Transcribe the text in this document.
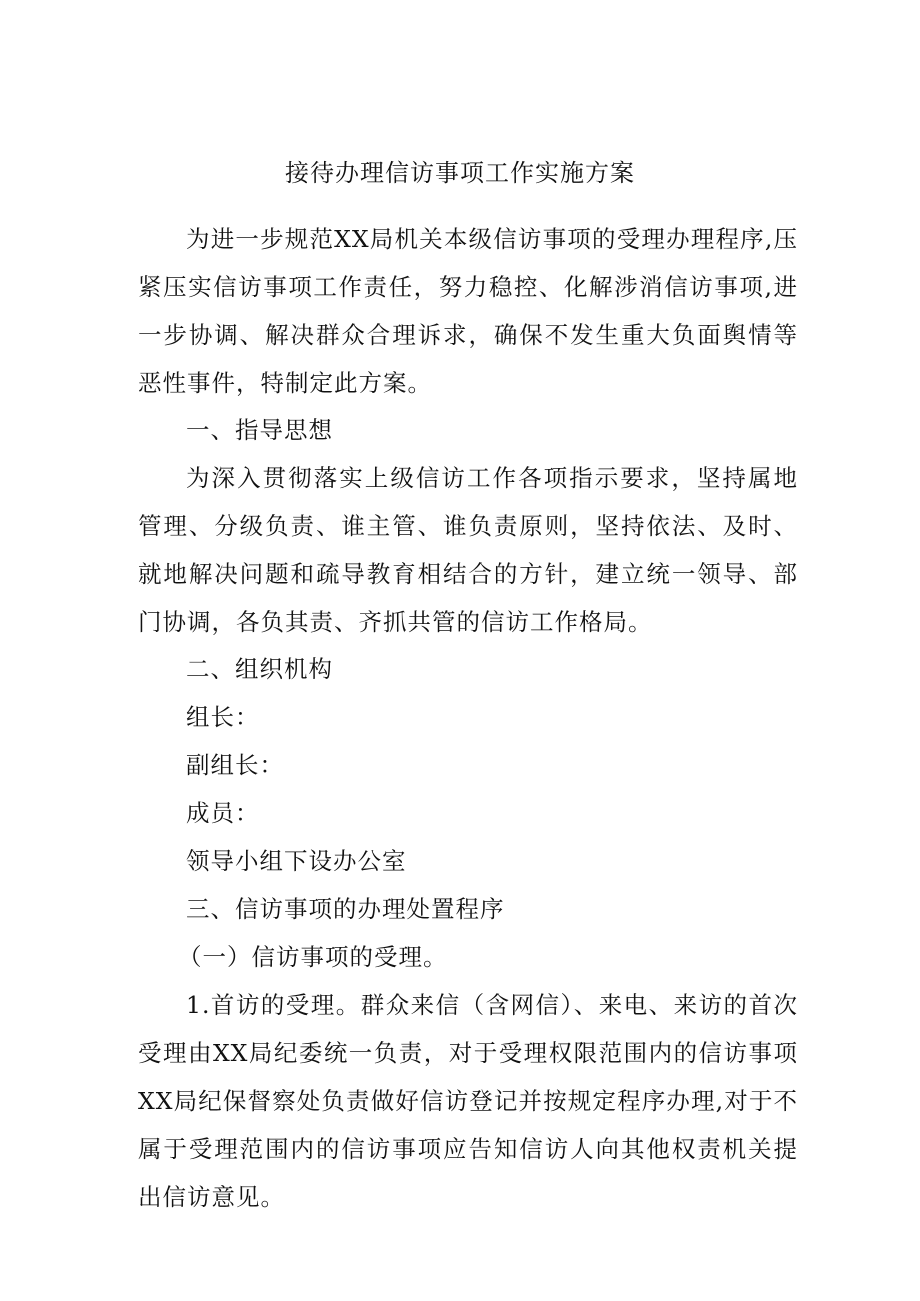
接待办理信访事项工作实施方案

为进一步规范XX局机关本级信访事项的受理办理程序,压紧压实信访事项工作责任，努力稳控、化解涉消信访事项,进一步协调、解决群众合理诉求，确保不发生重大负面舆情等恶性事件，特制定此方案。

一、指导思想

为深入贯彻落实上级信访工作各项指示要求，坚持属地管理、分级负责、谁主管、谁负责原则，坚持依法、及时、就地解决问题和疏导教育相结合的方针，建立统一领导、部门协调，各负其责、齐抓共管的信访工作格局。

二、组织机构
组长：
副组长：
成员：
领导小组下设办公室
三、信访事项的办理处置程序
（一）信访事项的受理。

1.首访的受理。群众来信（含网信）、来电、来访的首次受理由XX局纪委统一负责，对于受理权限范围内的信访事项XX局纪保督察处负责做好信访登记并按规定程序办理,对于不属于受理范围内的信访事项应告知信访人向其他权责机关提出信访意见。
